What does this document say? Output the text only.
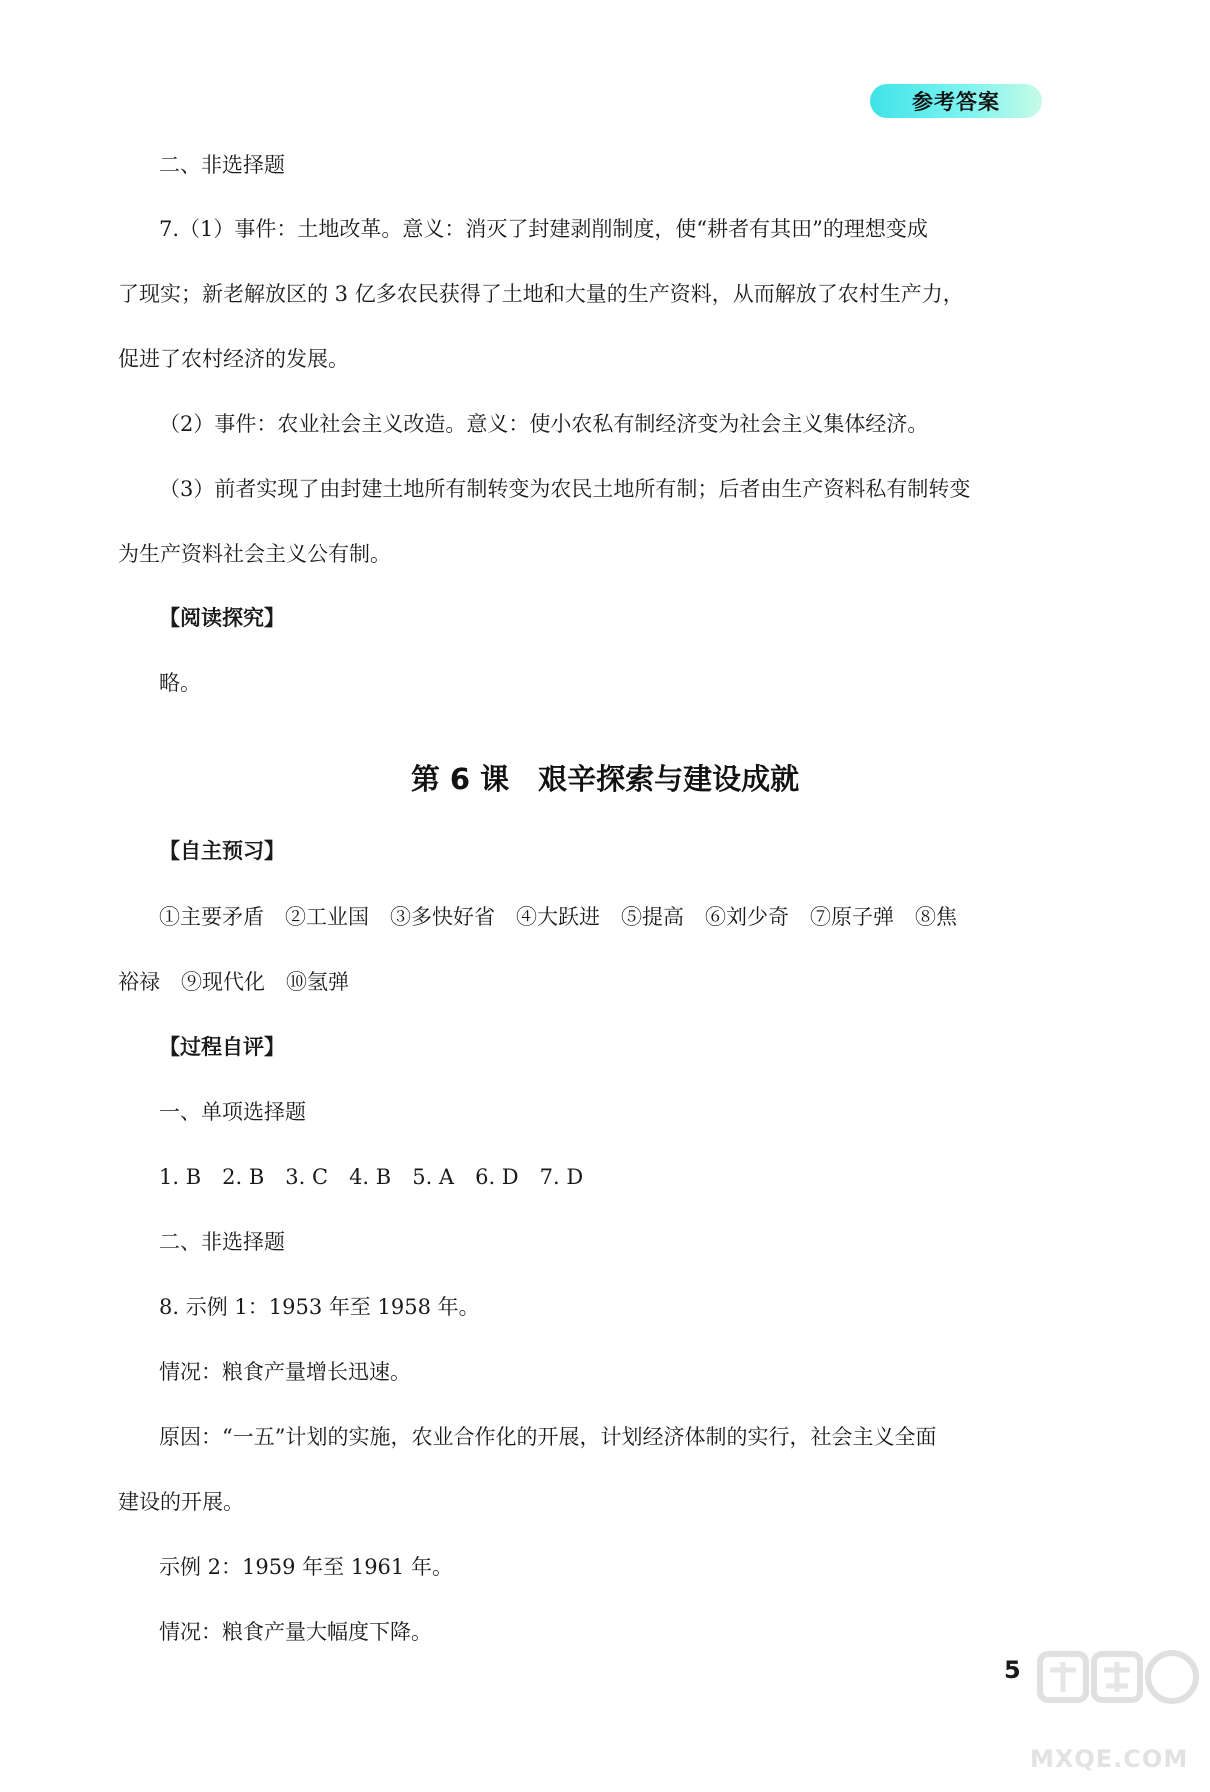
参考答案

二、非选择题

7.（1）事件：土地改革。意义：消灭了封建剥削制度，使“耕者有其田”的理想变成

了现实；新老解放区的 3 亿多农民获得了土地和大量的生产资料，从而解放了农村生产力，

促进了农村经济的发展。

（2）事件：农业社会主义改造。意义：使小农私有制经济变为社会主义集体经济。

（3）前者实现了由封建土地所有制转变为农民土地所有制；后者由生产资料私有制转变

为生产资料社会主义公有制。

【阅读探究】

略。

第 6 课　艰辛探索与建设成就

【自主预习】

①主要矛盾　②工业国　③多快好省　④大跃进　⑤提高　⑥刘少奇　⑦原子弹　⑧焦

裕禄　⑨现代化　⑩氢弹

【过程自评】

一、单项选择题

1. B　2. B　3. C　4. B　5. A　6. D　7. D

二、非选择题

8. 示例 1：1953 年至 1958 年。

情况：粮食产量增长迅速。

原因：“一五”计划的实施，农业合作化的开展，计划经济体制的实行，社会主义全面

建设的开展。

示例 2：1959 年至 1961 年。

情况：粮食产量大幅度下降。

5
MXQE.COM
